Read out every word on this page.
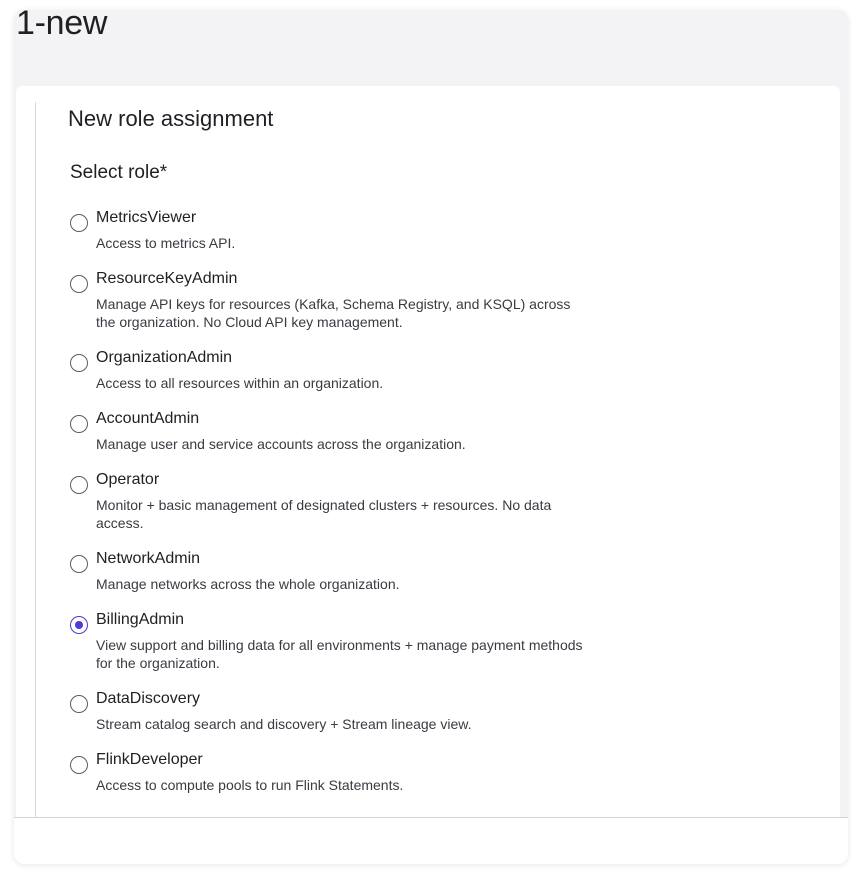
1-new
New role assignment
Select role*
MetricsViewer
Access to metrics API.
ResourceKeyAdmin
Manage API keys for resources (Kafka, Schema Registry, and KSQL) across the organization. No Cloud API key management.
OrganizationAdmin
Access to all resources within an organization.
AccountAdmin
Manage user and service accounts across the organization.
Operator
Monitor + basic management of designated clusters + resources. No data access.
NetworkAdmin
Manage networks across the whole organization.
BillingAdmin
View support and billing data for all environments + manage payment methods for the organization.
DataDiscovery
Stream catalog search and discovery + Stream lineage view.
FlinkDeveloper
Access to compute pools to run Flink Statements.
